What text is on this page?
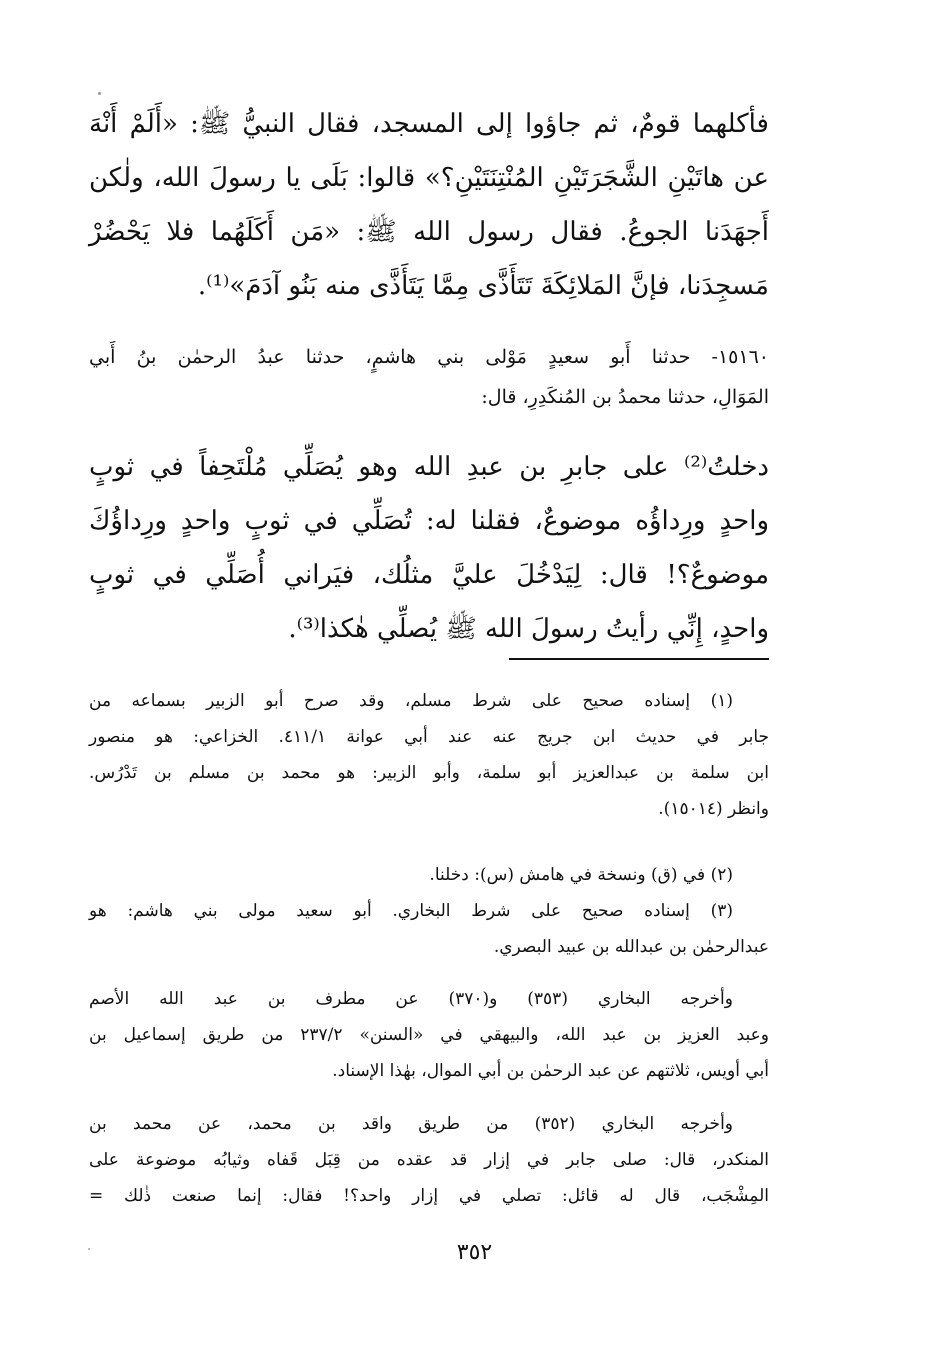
فأكلهما قومٌ، ثم جاؤوا إلى المسجد، فقال النبيُّ ﷺ: «أَلَمْ أَنْهَ
عن هاتَيْنِ الشَّجَرَتَيْنِ المُنْتِنَتَيْنِ؟» قالوا: بَلَى يا رسولَ الله، ولٰكن
أَجهَدَنا الجوعُ. فقال رسول الله ﷺ: «مَن أَكَلَهُما فلا يَحْضُرْ
مَسجِدَنا، فإنَّ المَلائِكَةَ تَتَأَذَّى مِمَّا يَتَأَذَّى منه بَنُو آدَمَ»⁽¹⁾.
١٥١٦٠- حدثنا أَبو سعيدٍ مَوْلى بني هاشمٍ، حدثنا عبدُ الرحمٰن بنُ أَبي
المَوَالِ، حدثنا محمدُ بن المُنكَدِرِ، قال:
دخلتُ⁽²⁾ على جابرِ بن عبدِ الله وهو يُصَلِّي مُلْتَحِفاً في ثوبٍ
واحدٍ ورِداؤُه موضوعٌ، فقلنا له: تُصَلِّي في ثوبٍ واحدٍ ورِداؤُكَ
موضوعٌ؟! قال: لِيَدْخُلَ عليَّ مثلُك، فيَراني أُصَلِّي في ثوبٍ
واحدٍ، إِنِّي رأيتُ رسولَ الله ﷺ يُصلِّي هٰكذا⁽³⁾.
(١) إسناده صحيح على شرط مسلم، وقد صرح أبو الزبير بسماعه من
جابر في حديث ابن جريج عنه عند أبي عوانة ٤١١/١. الخزاعي: هو منصور
ابن سلمة بن عبدالعزيز أبو سلمة، وأبو الزبير: هو محمد بن مسلم بن تَدْرُس.
وانظر (١٥٠١٤).
(٢) في (ق) ونسخة في هامش (س): دخلنا.
(٣) إسناده صحيح على شرط البخاري. أبو سعيد مولى بني هاشم: هو
عبدالرحمٰن بن عبدالله بن عبيد البصري.
وأخرجه البخاري (٣٥٣) و(٣٧٠) عن مطرف بن عبد الله الأصم
وعبد العزيز بن عبد الله، والبيهقي في «السنن» ٢٣٧/٢ من طريق إسماعيل بن
أبي أويس، ثلاثتهم عن عبد الرحمٰن بن أبي الموال، بهٰذا الإسناد.
وأخرجه البخاري (٣٥٢) من طريق واقد بن محمد، عن محمد بن
المنكدر، قال: صلى جابر في إزار قد عقده من قِبَل قَفاه وثيابُه موضوعة على
المِشْجَب، قال له قائل: تصلي في إزار واحد؟! فقال: إنما صنعت ذٰلك =
٣٥٢
